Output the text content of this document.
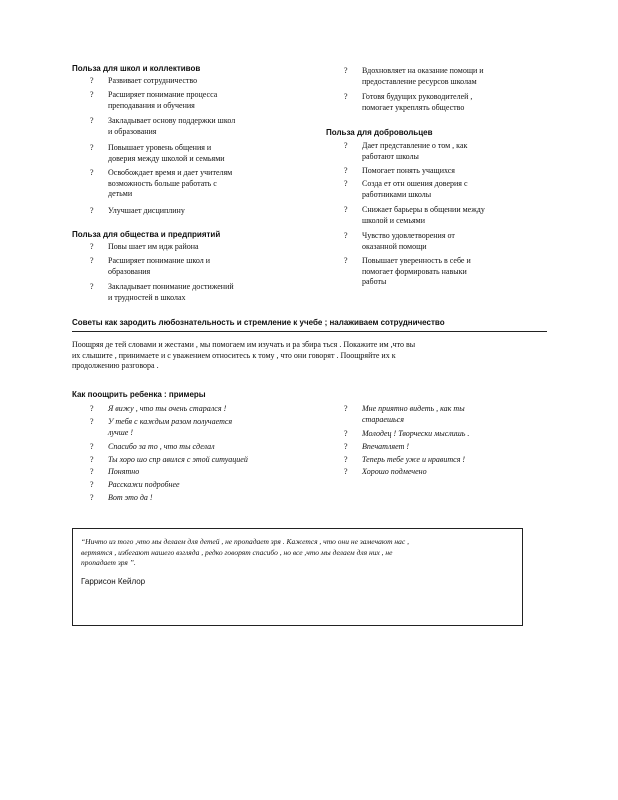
Польза для школ и коллективов
? Развивает сотрудничество
? Расширяет понимание процесса
преподавания и обучения
? Закладывает основу поддержки школ
и образования
? Повышает уровень общения и
доверия между школой и семьями
? Освобождает время и дает учителям
возможность больше работать с
детьми
? Улучшает дисциплину
Польза для общества и предприятий
? Повы шает им идж района
? Расширяет понимание школ и
образования
? Закладывает понимание достижений
и трудностей в школах
? Вдохновляет на оказание помощи и
предоставление ресурсов школам
? Готовя будущих руководителей ,
помогает укреплять общество
Польза для добровольцев
? Дает представление о том , как
работают школы
? Помогает понять учащихся
? Созда ет отн ошения доверия с
работниками школы
? Снижает барьеры в общении между
школой и семьями
? Чувство удовлетворения от
оказанной помощи
? Повышает уверенность в себе и
помогает формировать навыки
работы
Советы как зародить любознательность и стремление к учебе ; налаживаем сотрудничество
Поощряя де тей словами и жестами , мы помогаем им изучать и ра збира ться . Покажите им ,что вы
их слышите , принимаете и с уважением относитесь к тому , что они говорят . Поощряйте их к
продолжению разговора .
Как поощрить ребенка : примеры
? Я вижу , что ты очень старался !
? У тебя с каждым разом получается
лучше !
? Спасибо за то , что ты сделал
? Ты хоро шо спр авился с этой ситуацией
? Понятно
? Расскажи подробнее
? Вот это да !
? Мне приятно видеть , как ты
стараешься
? Молодец ! Творчески мыслишь .
? Впечатляет !
? Теперь тебе уже и нравится !
? Хорошо подмечено
“Ничто из того ,что мы делаем для детей , не пропадает зря . Кажется , что они не замечают нас ,
вертятся , избегают нашего взгляда , редко говорят спасибо , но все ,что мы делаем для них , не
пропадает зря ”.
Гаррисон Кейлор
